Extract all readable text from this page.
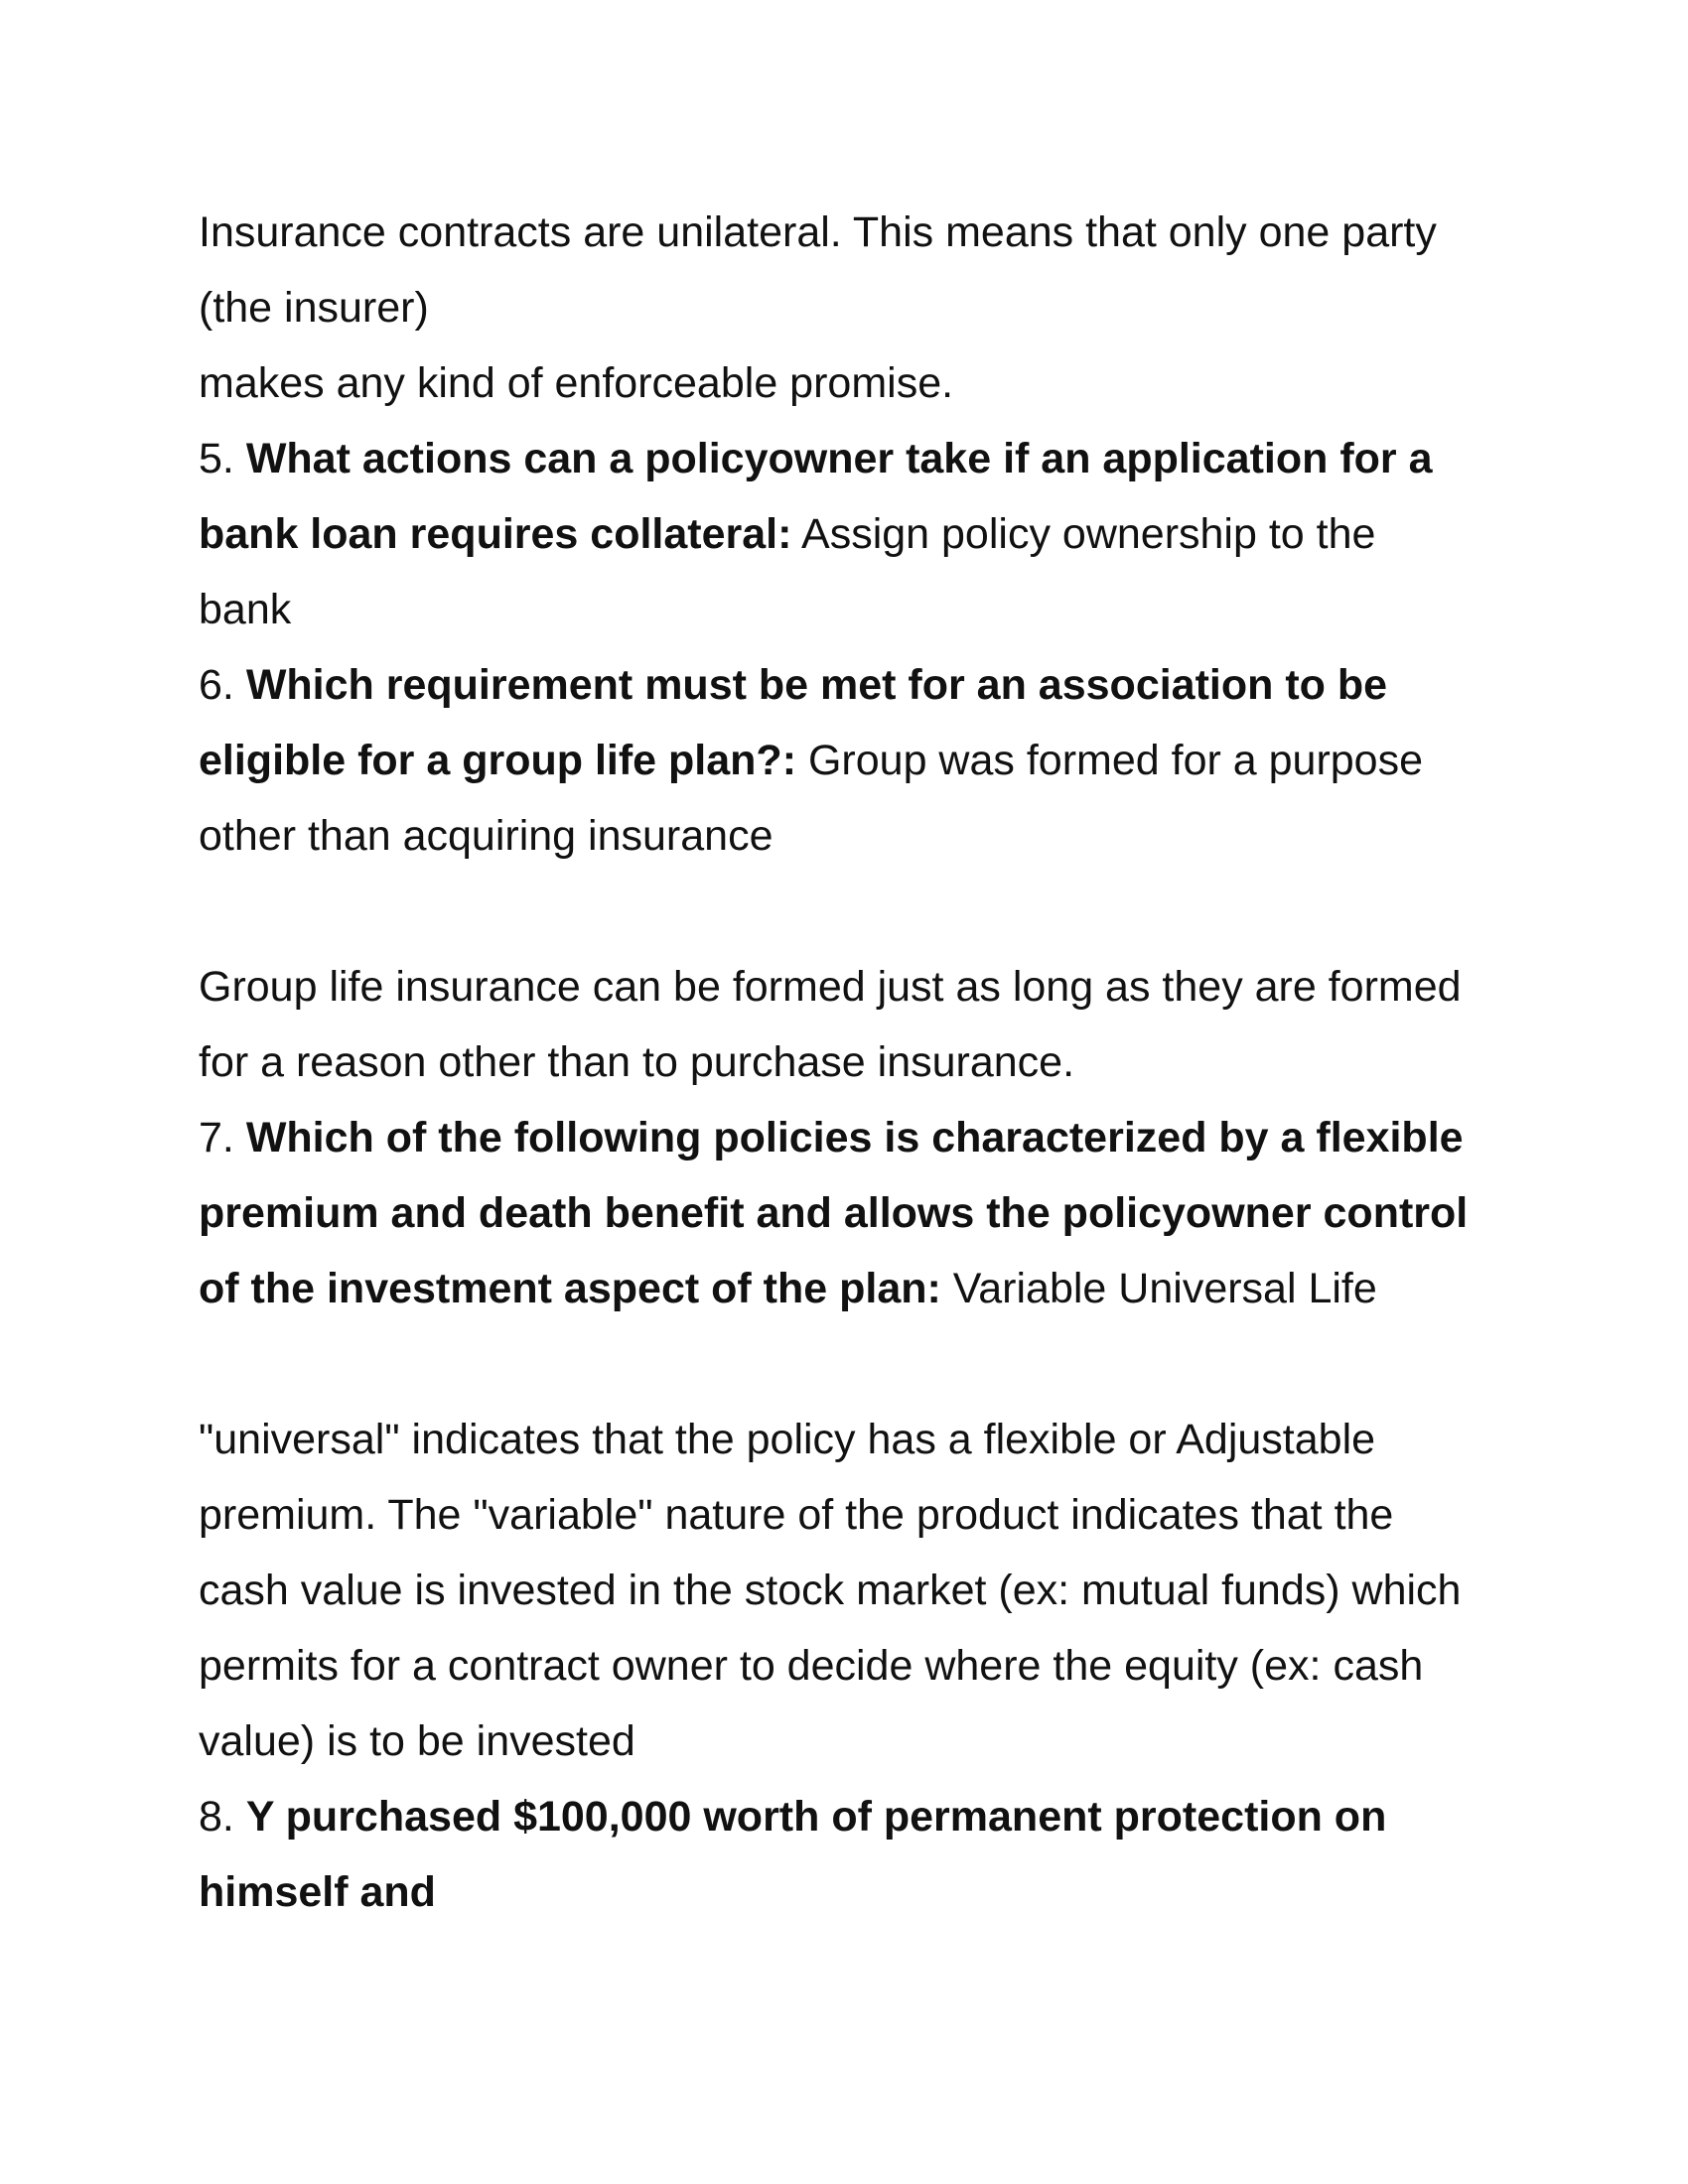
Insurance contracts are unilateral. This means that only one party
(the insurer)
makes any kind of enforceable promise.
5. What actions can a policyowner take if an application for a
bank loan requires collateral: Assign policy ownership to the
bank
6. Which requirement must be met for an association to be
eligible for a group life plan?: Group was formed for a purpose
other than acquiring insurance
Group life insurance can be formed just as long as they are formed
for a reason other than to purchase insurance.
7. Which of the following policies is characterized by a flexible
premium and death benefit and allows the policyowner control
of the investment aspect of the plan: Variable Universal Life
"universal" indicates that the policy has a flexible or Adjustable
premium. The "variable" nature of the product indicates that the
cash value is invested in the stock market (ex: mutual funds) which
permits for a contract owner to decide where the equity (ex: cash
value) is to be invested
8. Y purchased $100,000 worth of permanent protection on
himself and
